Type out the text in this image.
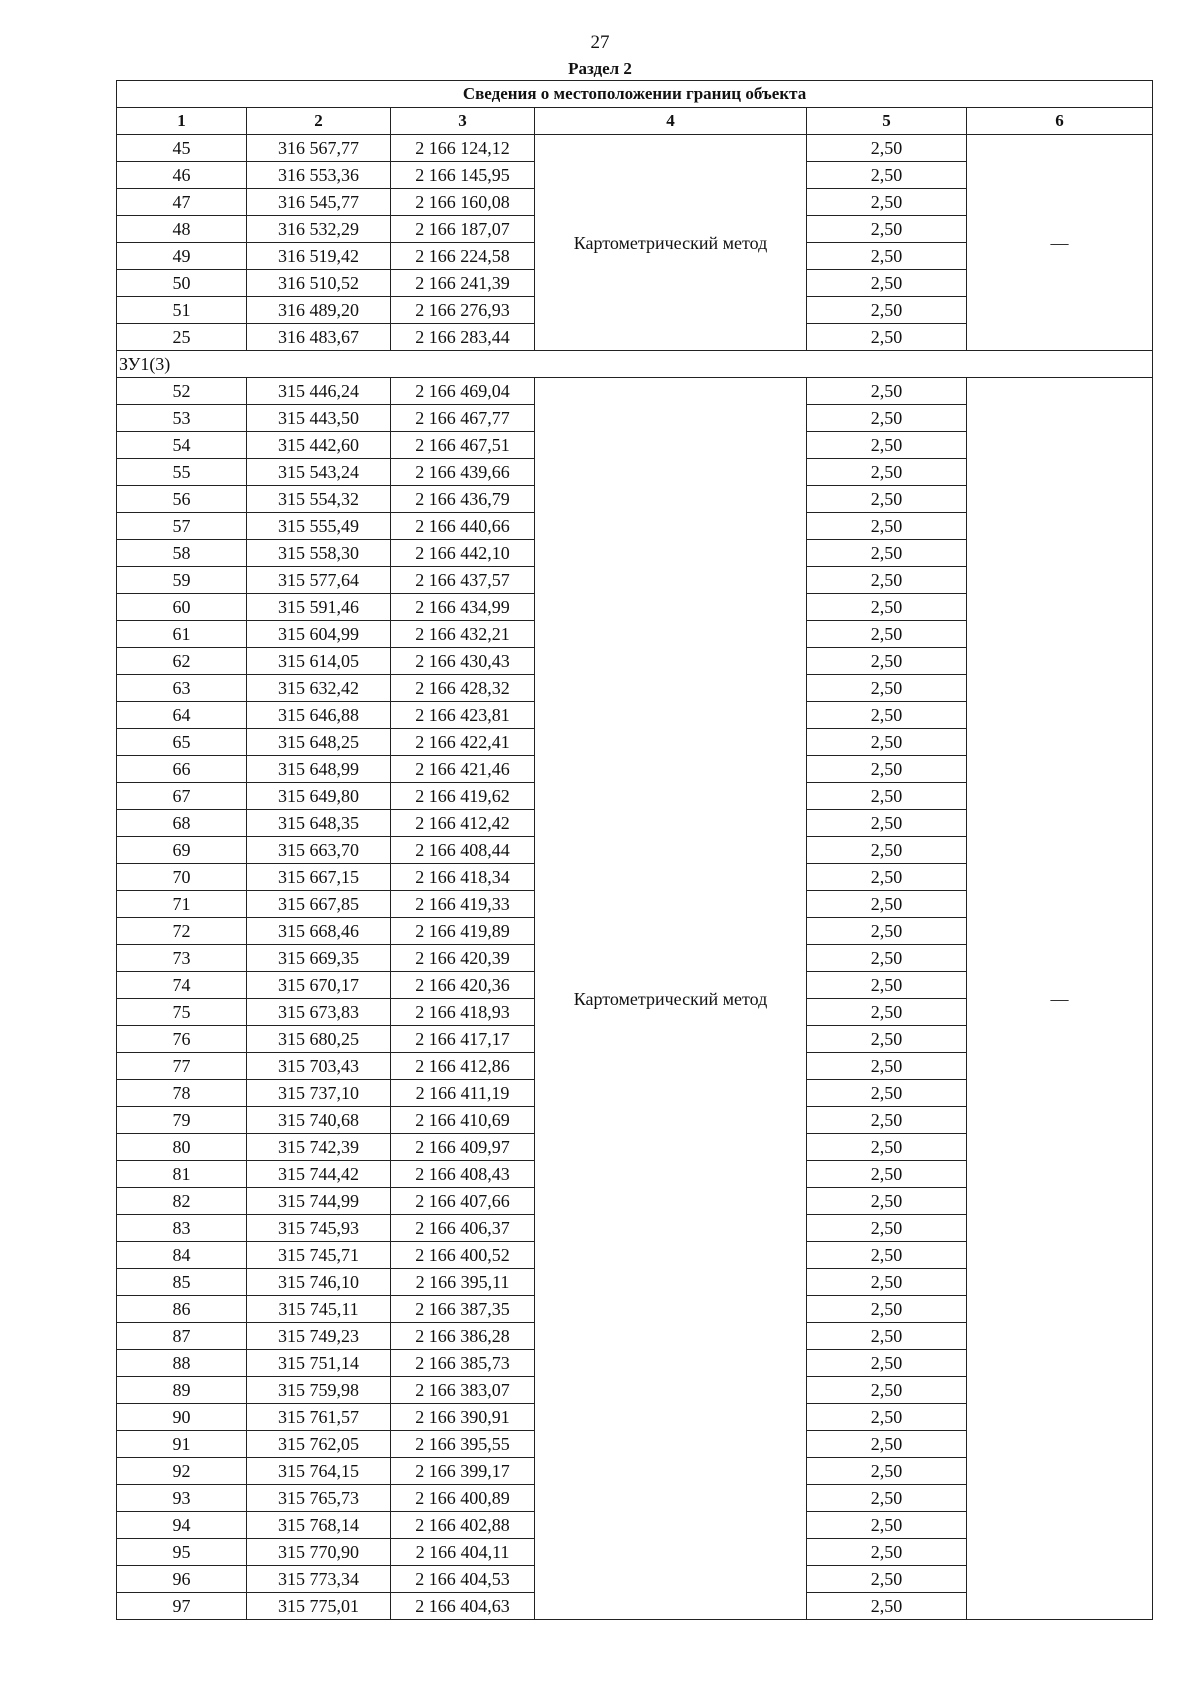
27
Раздел 2
Сведения о местоположении границ объекта					
1	2	3	4	5	6
45	316 567,77	2 166 124,12	Картометрический метод	2,50	—
46	316 553,36	2 166 145,95		2,50	
47	316 545,77	2 166 160,08		2,50	
48	316 532,29	2 166 187,07		2,50	
49	316 519,42	2 166 224,58		2,50	
50	316 510,52	2 166 241,39		2,50	
51	316 489,20	2 166 276,93		2,50	
25	316 483,67	2 166 283,44		2,50	
ЗУ1(3)					
52	315 446,24	2 166 469,04	Картометрический метод	2,50	—
53	315 443,50	2 166 467,77		2,50	
54	315 442,60	2 166 467,51		2,50	
55	315 543,24	2 166 439,66		2,50	
56	315 554,32	2 166 436,79		2,50	
57	315 555,49	2 166 440,66		2,50	
58	315 558,30	2 166 442,10		2,50	
59	315 577,64	2 166 437,57		2,50	
60	315 591,46	2 166 434,99		2,50	
61	315 604,99	2 166 432,21		2,50	
62	315 614,05	2 166 430,43		2,50	
63	315 632,42	2 166 428,32		2,50	
64	315 646,88	2 166 423,81		2,50	
65	315 648,25	2 166 422,41		2,50	
66	315 648,99	2 166 421,46		2,50	
67	315 649,80	2 166 419,62		2,50	
68	315 648,35	2 166 412,42		2,50	
69	315 663,70	2 166 408,44		2,50	
70	315 667,15	2 166 418,34		2,50	
71	315 667,85	2 166 419,33		2,50	
72	315 668,46	2 166 419,89		2,50	
73	315 669,35	2 166 420,39		2,50	
74	315 670,17	2 166 420,36		2,50	
75	315 673,83	2 166 418,93		2,50	
76	315 680,25	2 166 417,17		2,50	
77	315 703,43	2 166 412,86		2,50	
78	315 737,10	2 166 411,19		2,50	
79	315 740,68	2 166 410,69		2,50	
80	315 742,39	2 166 409,97		2,50	
81	315 744,42	2 166 408,43		2,50	
82	315 744,99	2 166 407,66		2,50	
83	315 745,93	2 166 406,37		2,50	
84	315 745,71	2 166 400,52		2,50	
85	315 746,10	2 166 395,11		2,50	
86	315 745,11	2 166 387,35		2,50	
87	315 749,23	2 166 386,28		2,50	
88	315 751,14	2 166 385,73		2,50	
89	315 759,98	2 166 383,07		2,50	
90	315 761,57	2 166 390,91		2,50	
91	315 762,05	2 166 395,55		2,50	
92	315 764,15	2 166 399,17		2,50	
93	315 765,73	2 166 400,89		2,50	
94	315 768,14	2 166 402,88		2,50	
95	315 770,90	2 166 404,11		2,50	
96	315 773,34	2 166 404,53		2,50	
97	315 775,01	2 166 404,63		2,50	
